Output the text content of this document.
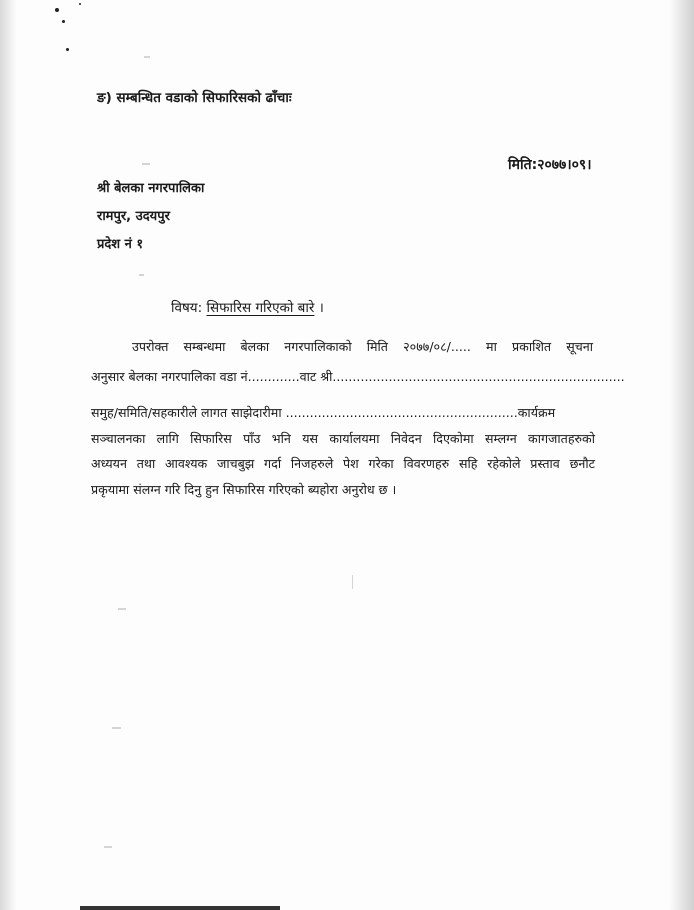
ङ) सम्बन्धित वडाको सिफारिसको ढाँचाः
मिति:२०७७।०९।
श्री बेलका नगरपालिका
रामपुर, उदयपुर
प्रदेश नं १
विषय: सिफारिस गरिएको बारे ।
उपरोक्त सम्बन्धमा बेलका नगरपालिकाको मिति २०७७/०८/..... मा प्रकाशित सूचना
अनुसार बेलका नगरपालिका वडा नं.............वाट श्री.........................................................................
समुह/समिति/सहकारीले लागत साझेदारीमा ..........................................................कार्यक्रम
सञ्चालनका लागि सिफारिस पाँउ भनि यस कार्यालयमा निवेदन दिएकोमा सम्लग्न कागजातहरुको
अध्ययन तथा आवश्यक जाचबुझ गर्दा निजहरुले पेश गरेका विवरणहरु सहि रहेकोले प्रस्ताव छनौट
प्रकृयामा संलग्न गरि दिनु हुन सिफारिस गरिएको ब्यहोरा अनुरोध छ ।
